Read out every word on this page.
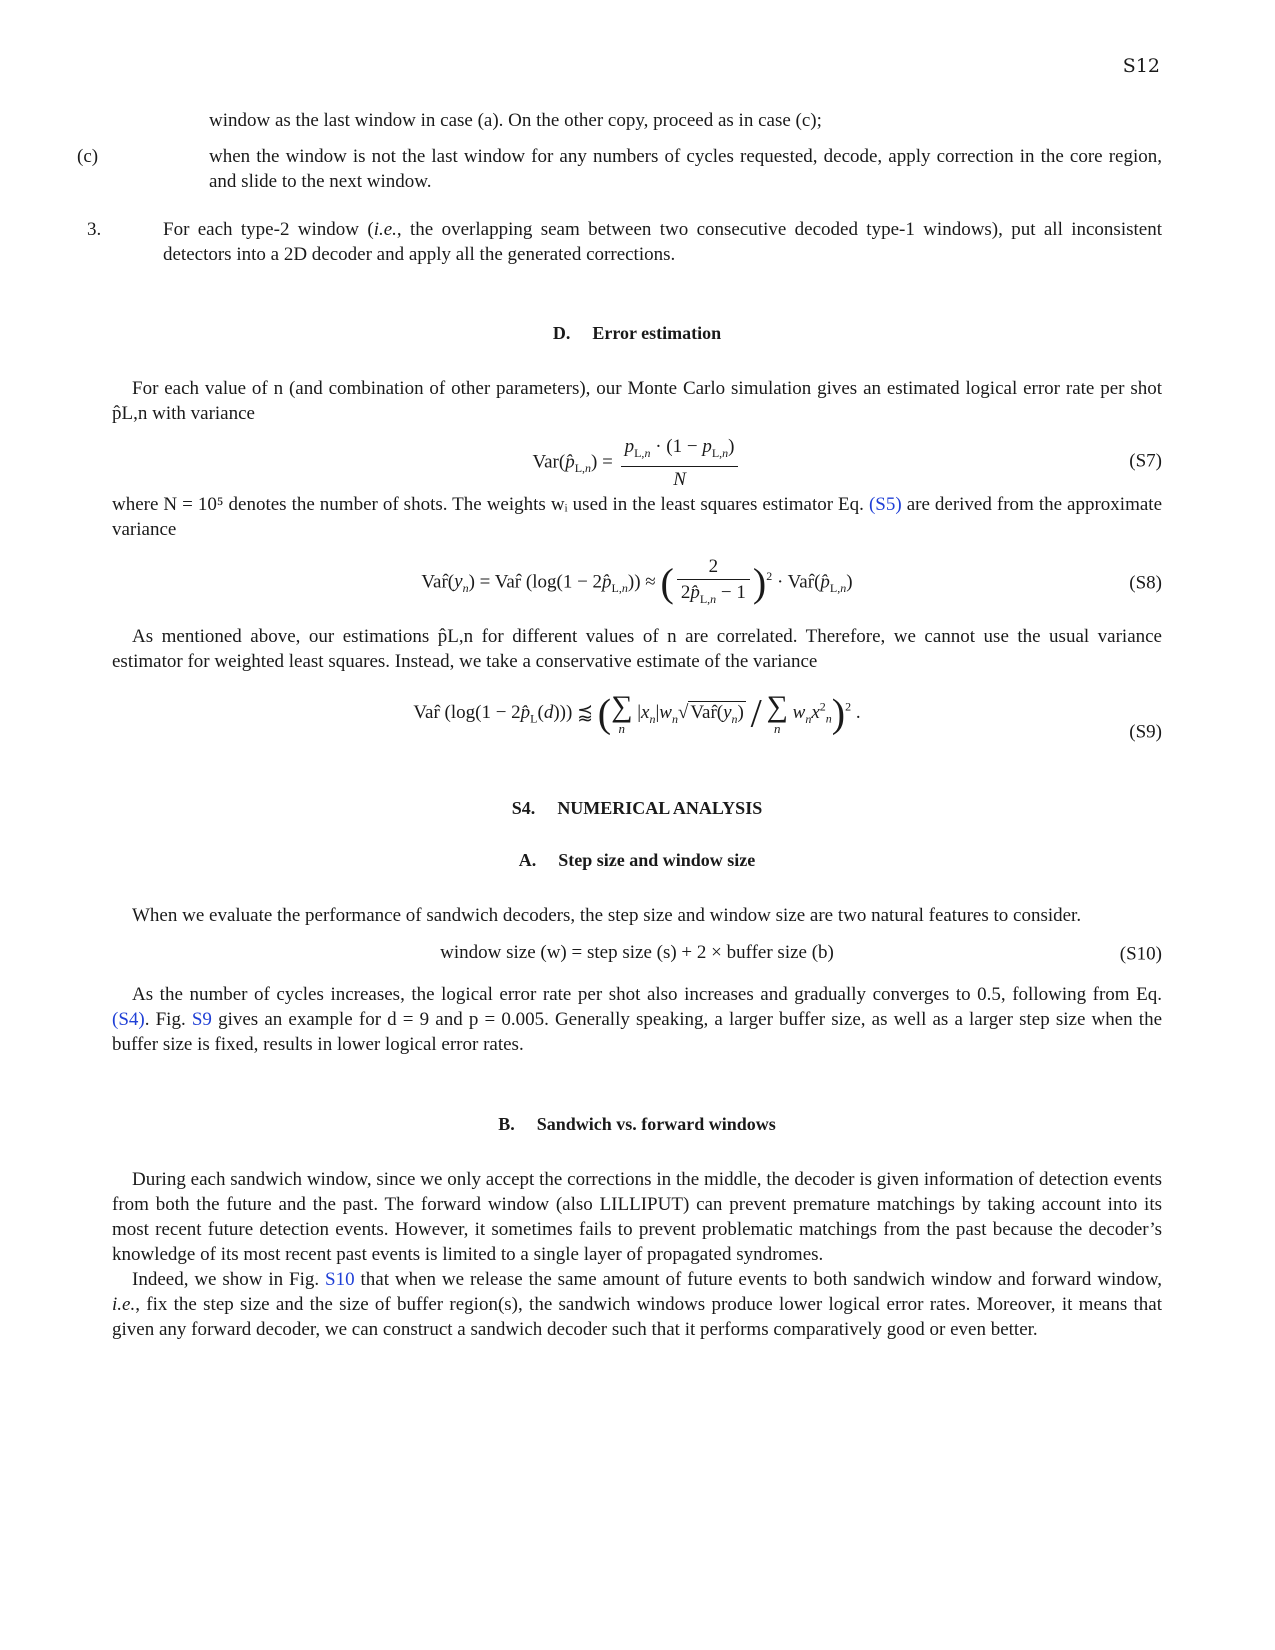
S12

window as the last window in case (a). On the other copy, proceed as in case (c);

(c)	when the window is not the last window for any numbers of cycles requested, decode, apply correction in the core region, and slide to the next window.
3.	For each type-2 window (i.e., the overlapping seam between two consecutive decoded type-1 windows), put all inconsistent detectors into a 2D decoder and apply all the generated corrections.
D. Error estimation

For each value of n (and combination of other parameters), our Monte Carlo simulation gives an estimated logical error rate per shot p̂L,n with variance

$Var(p̂_{L,n}) = \frac{p_{L,n} \cdot (1 - p_{L,n})}{N}$	(S7)

where N = 10⁵ denotes the number of shots. The weights wᵢ used in the least squares estimator Eq. (S5) are derived from the approximate variance

$Var̂(y_n)$ = Var̂ $(\log(1 - 2p̂_{L,n}))$ ≈ ( $\frac{2}{2p̂_{L,n} - 1} )^2$ · $Var̂(p̂_{L,n})$	(S8)

As mentioned above, our estimations p̂L,n for different values of n are correlated. Therefore, we cannot use the usual variance estimator for weighted least squares. Instead, we take a conservative estimate of the variance

Var̂ $(\log(1 - 2p̂_L(d)))$ ⪷ ( ∑
n
$|x_n|w_n√$ $Var̂(y_n)$ / ∑
n
$w_nx^2_n)^2$ .
(S9)
S4. NUMERICAL ANALYSIS
A. Step size and window size

When we evaluate the performance of sandwich decoders, the step size and window size are two natural features to consider.

window size (w) = step size (s) + 2 × buffer size (b)	(S10)

As the number of cycles increases, the logical error rate per shot also increases and gradually converges to 0.5, following from Eq. (S4). Fig. S9 gives an example for d = 9 and p = 0.005. Generally speaking, a larger buffer size, as well as a larger step size when the buffer size is fixed, results in lower logical error rates.

B. Sandwich vs. forward windows

During each sandwich window, since we only accept the corrections in the middle, the decoder is given information of detection events from both the future and the past. The forward window (also LILLIPUT) can prevent premature matchings by taking account into its most recent future detection events. However, it sometimes fails to prevent problematic matchings from the past because the decoder’s knowledge of its most recent past events is limited to a single layer of propagated syndromes.

Indeed, we show in Fig. S10 that when we release the same amount of future events to both sandwich window and forward window, i.e., fix the step size and the size of buffer region(s), the sandwich windows produce lower logical error rates. Moreover, it means that given any forward decoder, we can construct a sandwich decoder such that it performs comparatively good or even better.
